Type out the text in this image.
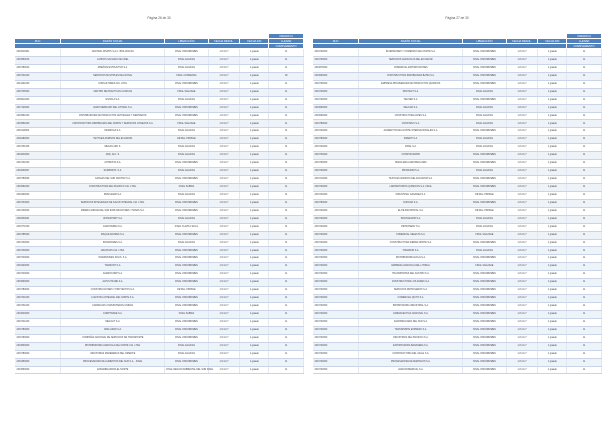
Página 26 de 30
					CREADO A
RUC	RAZÓN SOCIAL	LIBERACIÓN	FECHA RESOL.	FECHA FIN	LLENAR
					COMPLEMENTO
2316610901	CENTRAL DISPOS S.A.C. BIOLOGICAS	FINAL ONFORDIMEN	1.8.4.0.7	1 graadu	11
2316560015	LATINOS VALSANO DE CDEL	FINAL AGILDAS	1.8.4.0.7	1 graadu	11
2316780013	DISEÑOS ESTRUCTUR S.A.	FINAL AGILDAS	1.8.4.0.7	1 graadu	11
2316721000	SERVICIOS MULTIPLES DEL ROSAL	FINAL CONDENSA	1.8.4.0.7	1 graadu	18
2314321000	CONSULTORES CIA. LTDA.	FINAL ONFORDIMEN	1.8.4.0.7	1 graadu	11
2315745003	CENTRO DE PRACTICAS CLINICAS	FINAL SAGASAE	1.8.4.0.7	1 graadu	11
2436614000	ESCOLA S.A.	FINAL AGILDAS	1.8.4.0.7	1 graadu	11
2317120003	AGRO MERCADO DEL LITORAL S.A.	FINAL ONFORDIMEN	1.8.4.0.7	1 graadu	11
2316561000	DISTRIBUIDORA DE PRODUCTOS NATURALES Y DERIVADOS	FINAL ONFORDIMEN	1.8.4.0.7	1 graadu	11
2316562000	CONSTRUCTORA INMOBILIARIA DEL NORTE Y SERVICIOS CONEXOS S.A.	FINAL SAGASAE	1.8.4.0.7	1 graadu	11
2316110000	PESMOGA S.A.	FINAL AGILDAS	1.8.4.0.7	1 graadu	11
2436180003	TEXTILES ANDINOS DEL ECUADOR	DETALL PROBLE	1.8.4.0.7	1 graadu	11
2316731006	MEGAS ARC S.	FINAL AGILDAS	1.8.4.0.7	1 graadu	11
2316640000	ARQ. ALC. S.	FINAL AGILDAS	1.8.4.0.7	1 graadu	11
2316721000	ANTIRISTA S.A.	FINAL ONFORDIMEN	1.8.4.0.7	1 graadu	11
2316000007	SUMINISTR. S.A.	FINAL AGILDAS	1.8.4.0.7	1 graadu	11
2315780006	CARGAS DEL SUR CENTRO S.A.	FINAL ONFORDIMEN	1.8.4.0.7	1 graadu	11
2316562000	CONSTRUCTORA DEL PACIFICO CIA. LTDA.	FINAL SABIDA	1.8.4.0.7	1 graadu	11
2316200003	PESCAMAR S.A.	FINAL AGILDAS	1.8.4.0.7	1 graadu	11
2316733000	SERVICIOS INTEGRALES DE SALUD INTEGRAL CIA. LTDA.	FINAL ONFORDIMEN	1.8.4.0.7	1 graadu	11
2316720003	MINERA ANDINA DEL SUR EXPLORACIONES Y MINAS S.A.	FINAL ONFORDIMEN	1.8.4.0.7	1 graadu	11
2436330001	UNITEXPORT S.A.	FINAL AGILDAS	1.8.4.0.7	1 graadu	11
2316771000	AGROTERRA S.A.	FINAL TLAVIS 2 ECAL	1.8.4.0.7	1 graadu	11
2316785000	MAQUILADORES S.A.	FINAL ONFORDIMEN	1.8.4.0.7	1 graadu	11
2316720000	INTERANDES S.A.	FINAL AGILDAS	1.8.4.0.7	1 graadu	11
2316720000	GRANVIAS CIA. LTDA.	FINAL ONFORDIMEN	1.8.4.0.7	1 graadu	11
2315720000	INVERSIONES SOLIS. S.A.	FINAL ONFORDIMEN	1.8.4.0.7	1 graadu	11
2316220003	TRAMONT S.A.	FINAL ONFORDIMEN	1.8.4.0.7	1 graadu	11
2316720000	ACEROCORP S.A.	FINAL ONFORDIMEN	1.8.4.0.7	1 graadu	11
2315600000	ALTUS TRADE S.A.	FINAL ONFORDIMEN	1.8.4.0.7	1 graadu	11
2316780003	CONSTRUCCIONES Y PROYECTOS S.A.	DETALL PROBLE	1.8.4.0.7	1 graadu	11
2316721000	LOGISTICA INTEGRAL DEL NORTE S.A.	FINAL ONFORDIMEN	1.8.4.0.7	1 graadu	11
2316731000	FARMACIAS COMUNITARIAS UNIDAS	FINAL ONFORDIMEN	1.8.4.0.7	1 graadu	11
2316640000	CORPTRADE S.A.	FINAL SABIDA	1.8.4.0.7	1 graadu	11
2316721000	NEGOLIT S.A.	FINAL ONFORDIMEN	1.8.4.0.7	1 graadu	11
2316780000	CIMA GRAN S.A.	FINAL ONFORDIMEN	1.8.4.0.7	1 graadu	11
2316790000	COMPAÑIA NACIONAL DE SERVICIOS DE TRANSPORTE	FINAL ONFORDIMEN	1.8.4.0.7	1 graadu	11
2316830000	DISTRIBUIDORA AGRICOLA DEL NORTE CIA. LTDA.	FINAL AGILDAS	1.8.4.0.7	1 graadu	11
2316780000	INDUSTRIAS MADERERAS DEL ORIENTE	FINAL AGILDAS	1.8.4.0.7	1 graadu	11
2316250000	PROCESADORA DE ALIMENTOS DEL SUR S.A. - FINAL	FINAL ONFORDIMEN	1.8.4.0.7	1 graadu	11
2316560000	ENSAMBLADORA EL NORTE	FINAL REGION AMBIENTAL DEL SUR FINAL	1.8.4.0.7	1 graadu	11
Página 27 de 30
					CREADO A
RUC	RAZÓN SOCIAL	LIBERACIÓN	FECHA RESOL.	FECHA FIN	LLENAR
					COMPLEMENTO
2316720000	INVERSIONES Y COMERCIO DEL NORTE S.A.	FINAL ONFORDIMEN	1.8.4.0.7	1 graadu	11
2316700000	SERVICIOS AGRICOLAS DEL ECUADOR	FINAL ONFORDIMEN	1.8.4.0.7	1 graadu	11
2316670000	COMERCIAL EXPORTACIONES	FINAL ONFORDIMEN	1.8.4.0.7	1 graadu	11
2316600000	CONSTRUCTORA INMOBILIARIA BAHIA S.A.	FINAL ONFORDIMEN	1.8.4.0.7	1 graadu	11
2316730000	EMPRESA PROVEEDORA DE PRODUCTOS QUIMICOS	FINAL ONFORDIMEN	1.8.4.0.7	1 graadu	11
2316740000	PROYECT S.A.	FINAL AGILDAS	1.8.4.0.7	1 graadu	11
2316720000	TECSER S.A.	FINAL ONFORDIMEN	1.8.4.0.7	1 graadu	11
2316660000	DELCAR S.A.	FINAL AGILDAS	1.8.4.0.7	1 graadu	11
2316560000	CONSTRUCTORA ALPES S.A.	FINAL AGILDAS	1.8.4.0.7	1 graadu	11
2316780000	CONSTRUC S.A.	FINAL AGILDAS	1.8.4.0.7	1 graadu	11
2316720000	ALIMENTOS DEL NORTE INTERNACIONALES S.A.	FINAL ONFORDIMEN	1.8.4.0.7	1 graadu	11
2316780000	SIDERIT S.A.	FINAL AGILDAS	1.8.4.0.7	1 graadu	11
2316720000	CIRAL S.A.	FINAL AGILDAS	1.8.4.0.7	1 graadu	11
2316730000	CONSTRURAPID	FINAL ONFORDIMEN	1.8.4.0.7	1 graadu	11
2316760000	NUEVA ERA AGROPECUARIA	FINAL ONFORDIMEN	1.8.4.0.7	1 graadu	11
2316720000	PRODURIM S.A.	FINAL AGILDAS	1.8.4.0.7	1 graadu	11
2316710000	TEXTILES ANDINOS DEL ECUADOR S.A.	FINAL ONFORDIMEN	1.8.4.0.7	1 graadu	11
2316720000	LABORATORIOS QUIMICOS S.A. FINAL	FINAL ONFORDIMEN	1.8.4.0.7	1 graadu	11
2316740000	INDUSTRIAL GANADEA S.A.	DETALL PROBLE	1.8.4.0.7	1 graadu	11
2316780000	DUNCAN S.A.	FINAL ONFORDIMEN	1.8.4.0.7	1 graadu	11
2316720000	ELITE INDUSTRIAL S.A.	DETALL PROBLE	1.8.4.0.7	1 graadu	11
2316720000	INNOVAFARM S.A.	FINAL AGILDAS	1.8.4.0.7	1 graadu	11
2316720000	PETROSERV S.A.	FINAL AGILDAS	1.8.4.0.7	1 graadu	11
2316720000	COMERCIAL SELECTA S.A.	FINAL SAGASAE	1.8.4.0.7	1 graadu	11
2316720000	CONSTRUCTORA SIERRA NORTE S.A.	FINAL ONFORDIMEN	1.8.4.0.7	1 graadu	11
2316720000	TOMADOR S.A.	FINAL AGILDAS	1.8.4.0.7	1 graadu	11
2316720000	DISTRIBUIDORA ECUA S.A.	FINAL ONFORDIMEN	1.8.4.0.7	1 graadu	11
2316720000	EMPRESA AGRICOLA DEL LITORAL	FINAL SAGASAE	1.8.4.0.7	1 graadu	11
2316720000	TRANSPORTES DEL AUSTRO S.A.	FINAL ONFORDIMEN	1.8.4.0.7	1 graadu	11
2316720000	CONSTRUCTORA LOS ANDES S.A.	FINAL ONFORDIMEN	1.8.4.0.7	1 graadu	11
2316720000	SERVICIOS PETROLEROS S.A.	FINAL ONFORDIMEN	1.8.4.0.7	1 graadu	11
2316720000	COMERCIAL QUITO S.A.	FINAL ONFORDIMEN	1.8.4.0.7	1 graadu	11
2316720000	IMPORTADORA INDUSTRIAL S.A.	FINAL ONFORDIMEN	1.8.4.0.7	1 graadu	11
2316720000	FARMACEUTICA NACIONAL S.A.	FINAL ONFORDIMEN	1.8.4.0.7	1 graadu	11
2316720000	AGROPECUARIA DEL SUR S.A.	FINAL ONFORDIMEN	1.8.4.0.7	1 graadu	11
2316720000	TRANSPORTE EXPRESO S.A.	FINAL ONFORDIMEN	1.8.4.0.7	1 graadu	11
2316720000	INDUSTRIAS DEL PACIFICO S.A.	FINAL ONFORDIMEN	1.8.4.0.7	1 graadu	11
2316720000	EXPORTADORA BANANERA S.A.	FINAL ONFORDIMEN	1.8.4.0.7	1 graadu	11
2316720000	CONSTRUCTORA DEL VALLE S.A.	FINAL ONFORDIMEN	1.8.4.0.7	1 graadu	11
2316720000	PROCESADORA DE MARISCOS S.A.	FINAL ONFORDIMEN	1.8.4.0.7	1 graadu	11
2316720000	AGROCOMERCIAL S.A.	FINAL ONFORDIMEN	1.8.4.0.7	1 graadu	11
